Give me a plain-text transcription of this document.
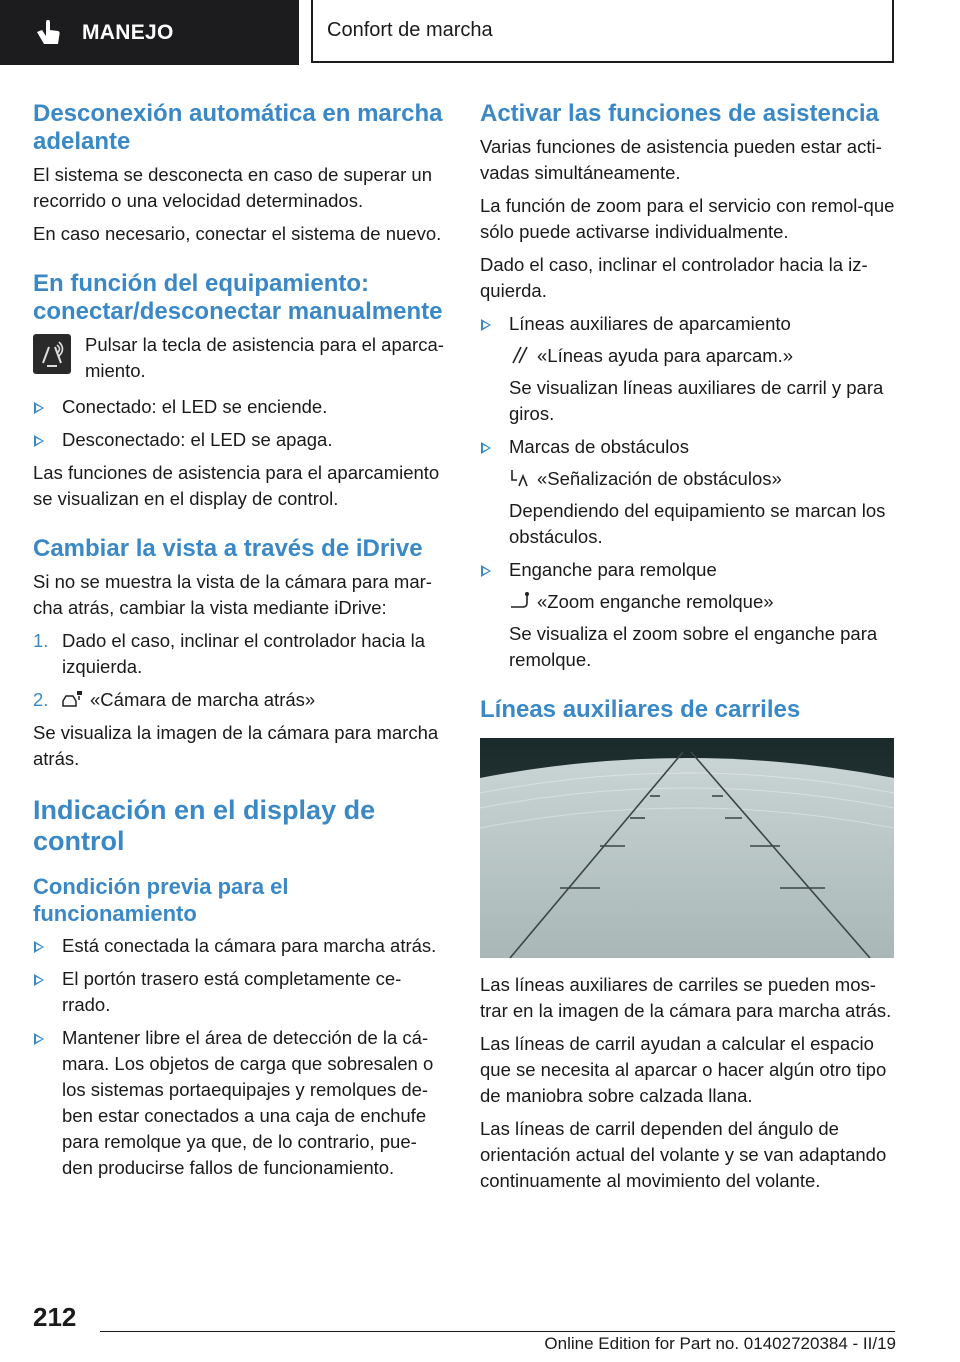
MANEJO	Confort de marcha
Desconexión automática en marcha adelante

El sistema se desconecta en caso de superar un recorrido o una velocidad determinados.

En caso necesario, conectar el sistema de nuevo.

En función del equipamiento: conectar/desconectar manualmente

Pulsar la tecla de asistencia para el aparca-miento.

Conectado: el LED se enciende.
Desconectado: el LED se apaga.

Las funciones de asistencia para el aparcamiento se visualizan en el display de control.

Cambiar la vista a través de iDrive

Si no se muestra la vista de la cámara para mar-cha atrás, cambiar la vista mediante iDrive:

1. Dado el caso, inclinar el controlador hacia la izquierda.
2. «Cámara de marcha atrás»

Se visualiza la imagen de la cámara para marcha atrás.

Indicación en el display de control
Condición previa para el funcionamiento
Está conectada la cámara para marcha atrás.
El portón trasero está completamente ce-rrado.
Mantener libre el área de detección de la cá-mara. Los objetos de carga que sobresalen o los sistemas portaequipajes y remolques de-ben estar conectados a una caja de enchufe para remolque ya que, de lo contrario, pue-den producirse fallos de funcionamiento.
Activar las funciones de asistencia

Varias funciones de asistencia pueden estar acti-vadas simultáneamente.

La función de zoom para el servicio con remol-que sólo puede activarse individualmente.

Dado el caso, inclinar el controlador hacia la iz-quierda.

Líneas auxiliares de aparcamiento
«Líneas ayuda para aparcam.»
Se visualizan líneas auxiliares de carril y para giros.
Marcas de obstáculos
«Señalización de obstáculos»
Dependiendo del equipamiento se marcan los obstáculos.
Enganche para remolque
«Zoom enganche remolque»
Se visualiza el zoom sobre el enganche para remolque.
Líneas auxiliares de carriles

Las líneas auxiliares de carriles se pueden mos-trar en la imagen de la cámara para marcha atrás.

Las líneas de carril ayudan a calcular el espacio que se necesita al aparcar o hacer algún otro tipo de maniobra sobre calzada llana.

Las líneas de carril dependen del ángulo de orientación actual del volante y se van adaptando continuamente al movimiento del volante.

212
Online Edition for Part no. 01402720384 - II/19
